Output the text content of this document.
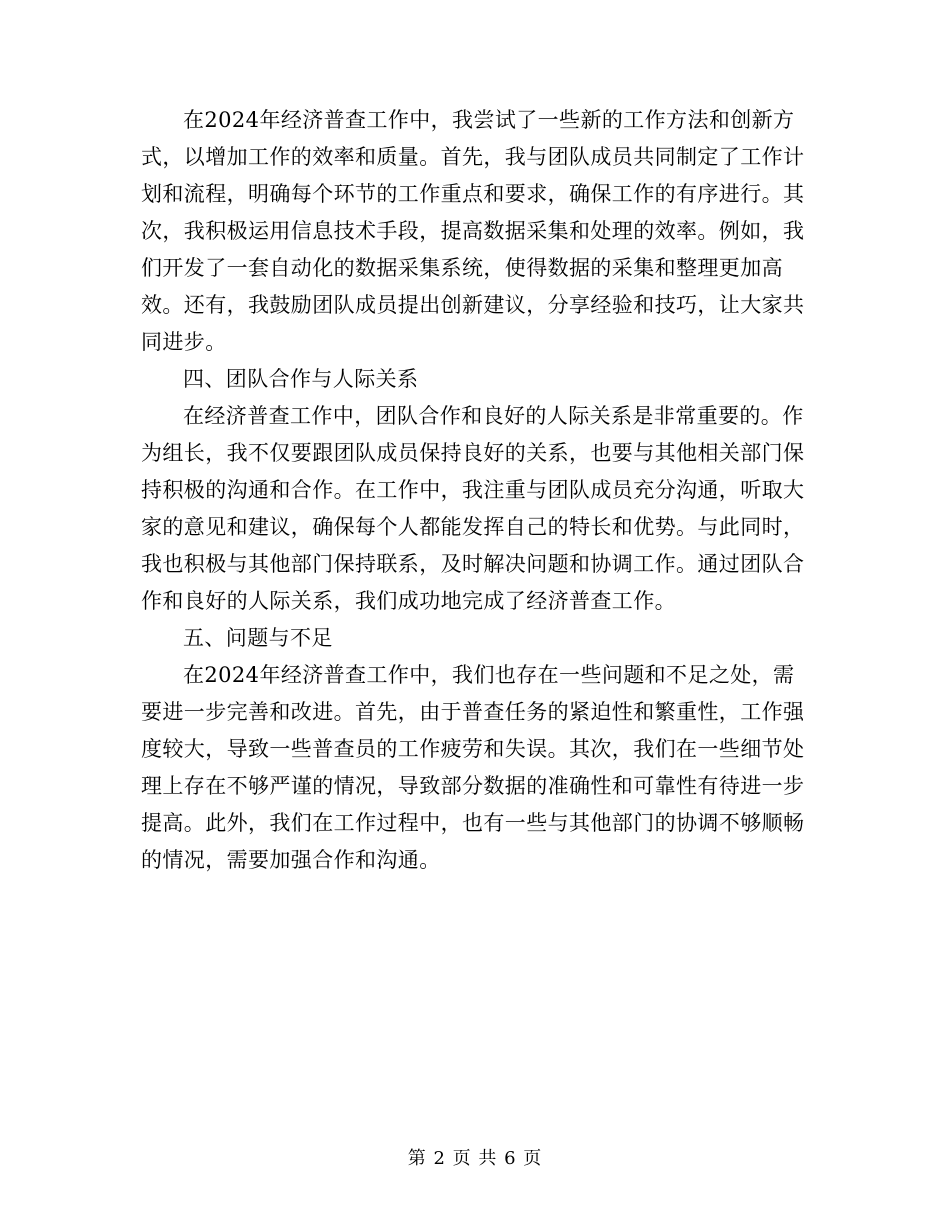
在2024年经济普查工作中，我尝试了一些新的工作方法和创新方式，以增加工作的效率和质量。首先，我与团队成员共同制定了工作计划和流程，明确每个环节的工作重点和要求，确保工作的有序进行。其次，我积极运用信息技术手段，提高数据采集和处理的效率。例如，我们开发了一套自动化的数据采集系统，使得数据的采集和整理更加高效。还有，我鼓励团队成员提出创新建议，分享经验和技巧，让大家共同进步。

四、团队合作与人际关系

在经济普查工作中，团队合作和良好的人际关系是非常重要的。作为组长，我不仅要跟团队成员保持良好的关系，也要与其他相关部门保持积极的沟通和合作。在工作中，我注重与团队成员充分沟通，听取大家的意见和建议，确保每个人都能发挥自己的特长和优势。与此同时，我也积极与其他部门保持联系，及时解决问题和协调工作。通过团队合作和良好的人际关系，我们成功地完成了经济普查工作。

五、问题与不足

在2024年经济普查工作中，我们也存在一些问题和不足之处，需要进一步完善和改进。首先，由于普查任务的紧迫性和繁重性，工作强度较大，导致一些普查员的工作疲劳和失误。其次，我们在一些细节处理上存在不够严谨的情况，导致部分数据的准确性和可靠性有待进一步提高。此外，我们在工作过程中，也有一些与其他部门的协调不够顺畅的情况，需要加强合作和沟通。

第 2 页 共 6 页
